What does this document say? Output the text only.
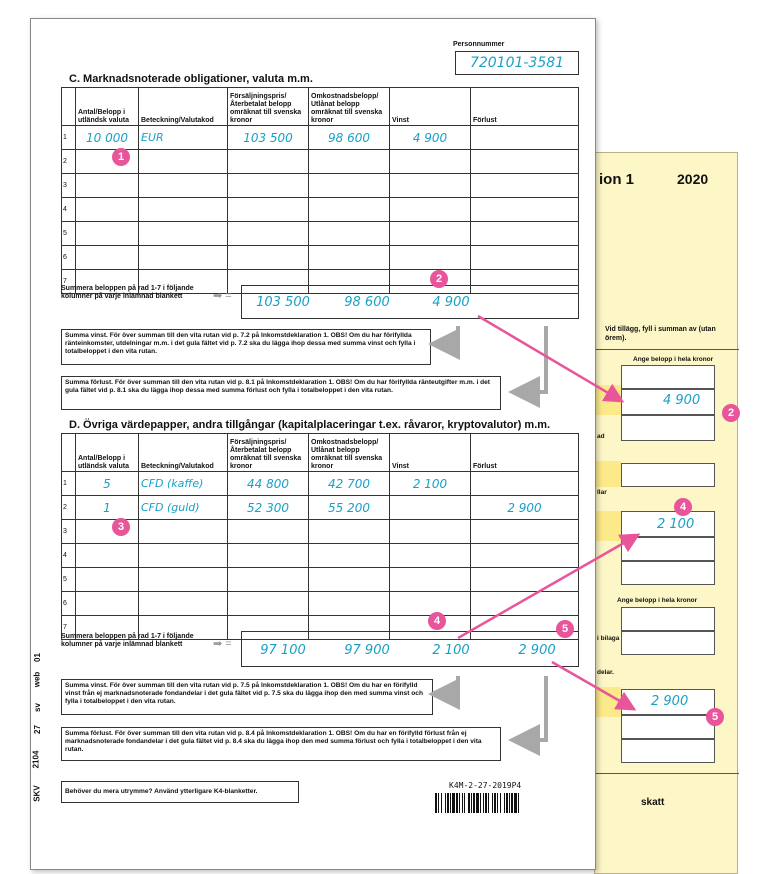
ion 1	2020
Vid tillägg, fyll i summan av (utan örem).
Ange belopp i hela kronor
4 900
ad
llar
2 100
Ange belopp i hela kronor
i bilaga
delar.
2 900
skatt
2
4
5
Personnummer
720101-3581
C. Marknadsnoterade obligationer, valuta m.m.
	Antal/Belopp i utländsk valuta	Beteckning/Valutakod	Försäljningspris/Återbetalat belopp omräknat till svenska kronor	Omkostnadsbelopp/ Utlånat belopp omräknat till svenska kronor	Vinst	Förlust
1	10 000	EUR	103 500	98 600	4 900	
2						
3						
4						
5						
6						
7						
Summera beloppen på rad 1-7 i följande kolumner på varje inlämnad blankett	➡ =	103 500	98 600	4 900
Summa vinst. För över summan till den vita rutan vid p. 7.2 på Inkomstdeklaration 1. OBS! Om du har förifyllda ränteinkomster, utdelningar m.m. i det gula fältet vid p. 7.2 ska du lägga ihop dessa med summa vinst och fylla i totalbeloppet i den vita rutan.
Summa förlust. För över summan till den vita rutan vid p. 8.1 på Inkomstdeklaration 1. OBS! Om du har förifyllda ränteutgifter m.m. i det gula fältet vid p. 8.1 ska du lägga ihop dessa med summa förlust och fylla i totalbeloppet i den vita rutan.
D. Övriga värdepapper, andra tillgångar (kapitalplaceringar t.ex. råvaror, kryptovalutor) m.m.
	Antal/Belopp i utländsk valuta	Beteckning/Valutakod	Försäljningspris/Återbetalat belopp omräknat till svenska kronor	Omkostnadsbelopp/ Utlånat belopp omräknat till svenska kronor	Vinst	Förlust
1	5	CFD (kaffe)	44 800	42 700	2 100	
2	1	CFD (guld)	52 300	55 200		2 900
3						
4						
5						
6						
7						
Summera beloppen på rad 1-7 i följande kolumner på varje inlämnad blankett	➡ =	97 100	97 900	2 100	2 900
Summa vinst. För över summan till den vita rutan vid p. 7.5 på Inkomstdeklaration 1. OBS! Om du har en förifylld vinst från ej marknadsnoterade fondandelar i det gula fältet vid p. 7.5 ska du lägga ihop den med summa vinst och fylla i totalbeloppet i den vita rutan.
Summa förlust. För över summan till den vita rutan vid p. 8.4 på Inkomstdeklaration 1. OBS! Om du har en förifylld förlust från ej marknadsnoterade fondandelar i det gula fältet vid p. 8.4 ska du lägga ihop den med summa förlust och fylla i totalbeloppet i den vita rutan.
SKV
2104
27
sv
web
01
Behöver du mera utrymme? Använd ytterligare K4-blanketter.
K4M-2-27-2019P4
1
2
3
4
5
